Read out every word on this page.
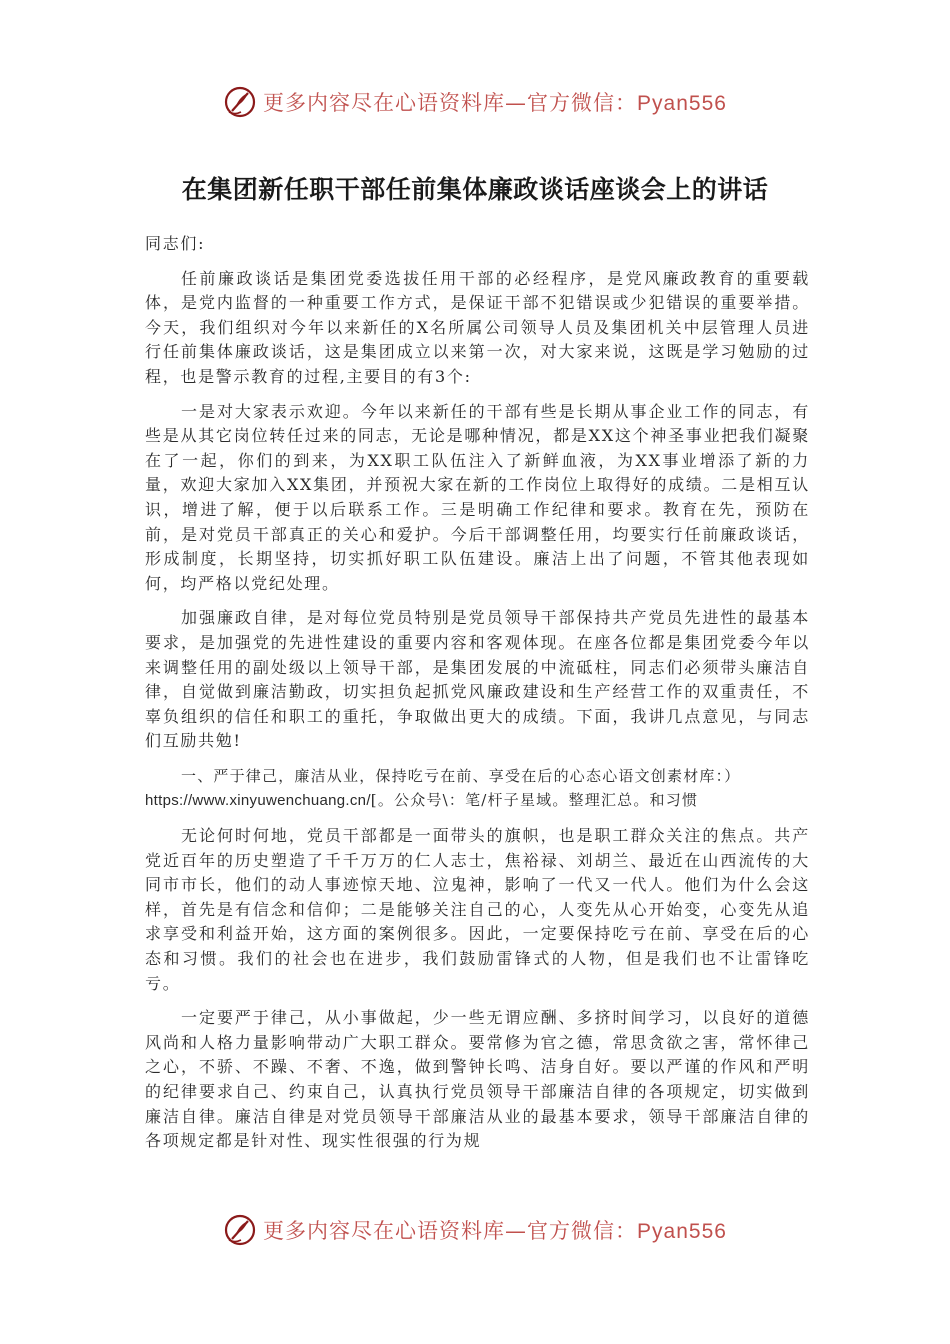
更多内容尽在心语资料库—官方微信：Pyan556
在集团新任职干部任前集体廉政谈话座谈会上的讲话

同志们:

任前廉政谈话是集团党委选拔任用干部的必经程序，是党风廉政教育的重要载体，是党内监督的一种重要工作方式，是保证干部不犯错误或少犯错误的重要举措。今天，我们组织对今年以来新任的X名所属公司领导人员及集团机关中层管理人员进行任前集体廉政谈话，这是集团成立以来第一次，对大家来说，这既是学习勉励的过程，也是警示教育的过程,主要目的有3个:

一是对大家表示欢迎。今年以来新任的干部有些是长期从事企业工作的同志，有些是从其它岗位转任过来的同志，无论是哪种情况，都是XX这个神圣事业把我们凝聚在了一起，你们的到来，为XX职工队伍注入了新鲜血液，为XX事业增添了新的力量，欢迎大家加入XX集团，并预祝大家在新的工作岗位上取得好的成绩。二是相互认识，增进了解，便于以后联系工作。三是明确工作纪律和要求。教育在先，预防在前，是对党员干部真正的关心和爱护。今后干部调整任用，均要实行任前廉政谈话，形成制度，长期坚持，切实抓好职工队伍建设。廉洁上出了问题，不管其他表现如何，均严格以党纪处理。

加强廉政自律，是对每位党员特别是党员领导干部保持共产党员先进性的最基本要求，是加强党的先进性建设的重要内容和客观体现。在座各位都是集团党委今年以来调整任用的副处级以上领导干部，是集团发展的中流砥柱，同志们必须带头廉洁自律，自觉做到廉洁勤政，切实担负起抓党风廉政建设和生产经营工作的双重责任，不辜负组织的信任和职工的重托，争取做出更大的成绩。下面，我讲几点意见，与同志们互励共勉!

一、严于律己，廉洁从业，保持吃亏在前、享受在后的心态心语文创素材库：）
https://www.xinyuwenchuang.cn/[。公众号\：笔/杆子星域。整理汇总。和习惯

无论何时何地，党员干部都是一面带头的旗帜，也是职工群众关注的焦点。共产党近百年的历史塑造了千千万万的仁人志士，焦裕禄、刘胡兰、最近在山西流传的大同市市长，他们的动人事迹惊天地、泣鬼神，影响了一代又一代人。他们为什么会这样，首先是有信念和信仰；二是能够关注自己的心，人变先从心开始变，心变先从追求享受和利益开始，这方面的案例很多。因此，一定要保持吃亏在前、享受在后的心态和习惯。我们的社会也在进步，我们鼓励雷锋式的人物，但是我们也不让雷锋吃亏。

一定要严于律己，从小事做起，少一些无谓应酬、多挤时间学习，以良好的道德风尚和人格力量影响带动广大职工群众。要常修为官之德，常思贪欲之害，常怀律己之心，不骄、不躁、不奢、不逸，做到警钟长鸣、洁身自好。要以严谨的作风和严明的纪律要求自己、约束自己，认真执行党员领导干部廉洁自律的各项规定，切实做到廉洁自律。廉洁自律是对党员领导干部廉洁从业的最基本要求，领导干部廉洁自律的各项规定都是针对性、现实性很强的行为规

更多内容尽在心语资料库—官方微信：Pyan556
